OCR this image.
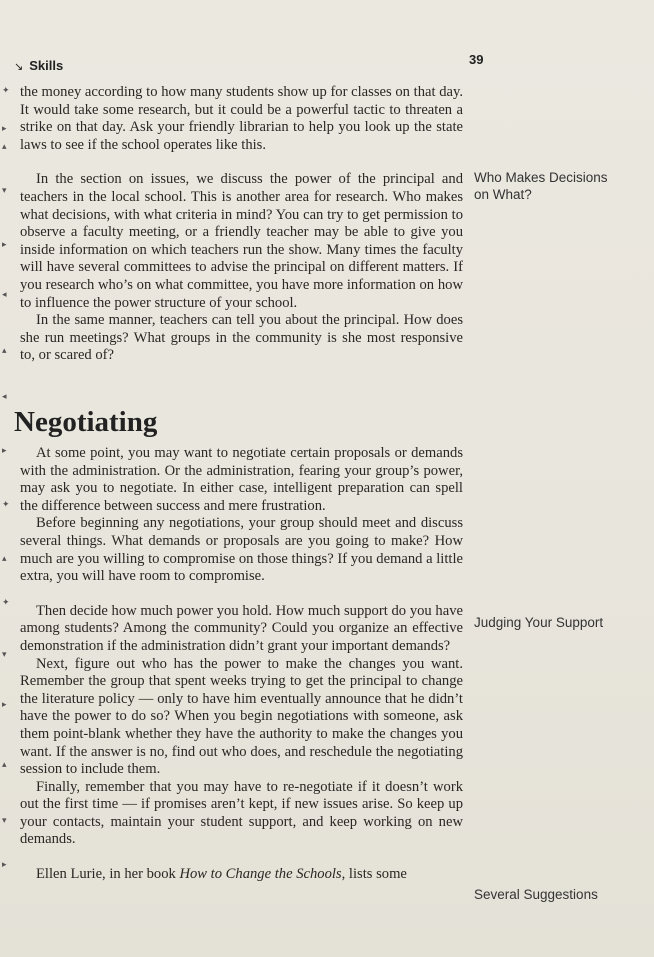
✦
▸
▴
▾
▸
◂
▴
◂
▸
✦
▴
✦
▾
▸
▴
▾
▸
↘ Skills	39

the money according to how many students show up for classes on that day. It would take some research, but it could be a powerful tactic to threaten a strike on that day. Ask your friendly librarian to help you look up the state laws to see if the school operates like this.

In the section on issues, we discuss the power of the principal and teachers in the local school. This is another area for research. Who makes what decisions, with what criteria in mind? You can try to get permission to observe a faculty meeting, or a friendly teacher may be able to give you inside information on which teachers run the show. Many times the faculty will have several committees to advise the principal on different matters. If you research who’s on what committee, you have more information on how to influence the power structure of your school.

In the same manner, teachers can tell you about the principal. How does she run meetings? What groups in the community is she most responsive to, or scared of?

Negotiating

At some point, you may want to negotiate certain proposals or demands with the administration. Or the administration, fearing your group’s power, may ask you to negotiate. In either case, intelligent preparation can spell the difference between success and mere frustration.

Before beginning any negotiations, your group should meet and discuss several things. What demands or proposals are you going to make? How much are you willing to compromise on those things? If you demand a little extra, you will have room to compromise.

Then decide how much power you hold. How much support do you have among students? Among the community? Could you organize an effective demonstration if the administration didn’t grant your important demands?

Next, figure out who has the power to make the changes you want. Remember the group that spent weeks trying to get the principal to change the literature policy — only to have him eventually announce that he didn’t have the power to do so? When you begin negotiations with someone, ask them point-blank whether they have the authority to make the changes you want. If the answer is no, find out who does, and reschedule the negotiating session to include them.

Finally, remember that you may have to re-negotiate if it doesn’t work out the first time — if promises aren’t kept, if new issues arise. So keep up your contacts, maintain your student support, and keep working on new demands.

Ellen Lurie, in her book How to Change the Schools, lists some

Who Makes Decisions on What?
Judging Your Support
Several Suggestions
